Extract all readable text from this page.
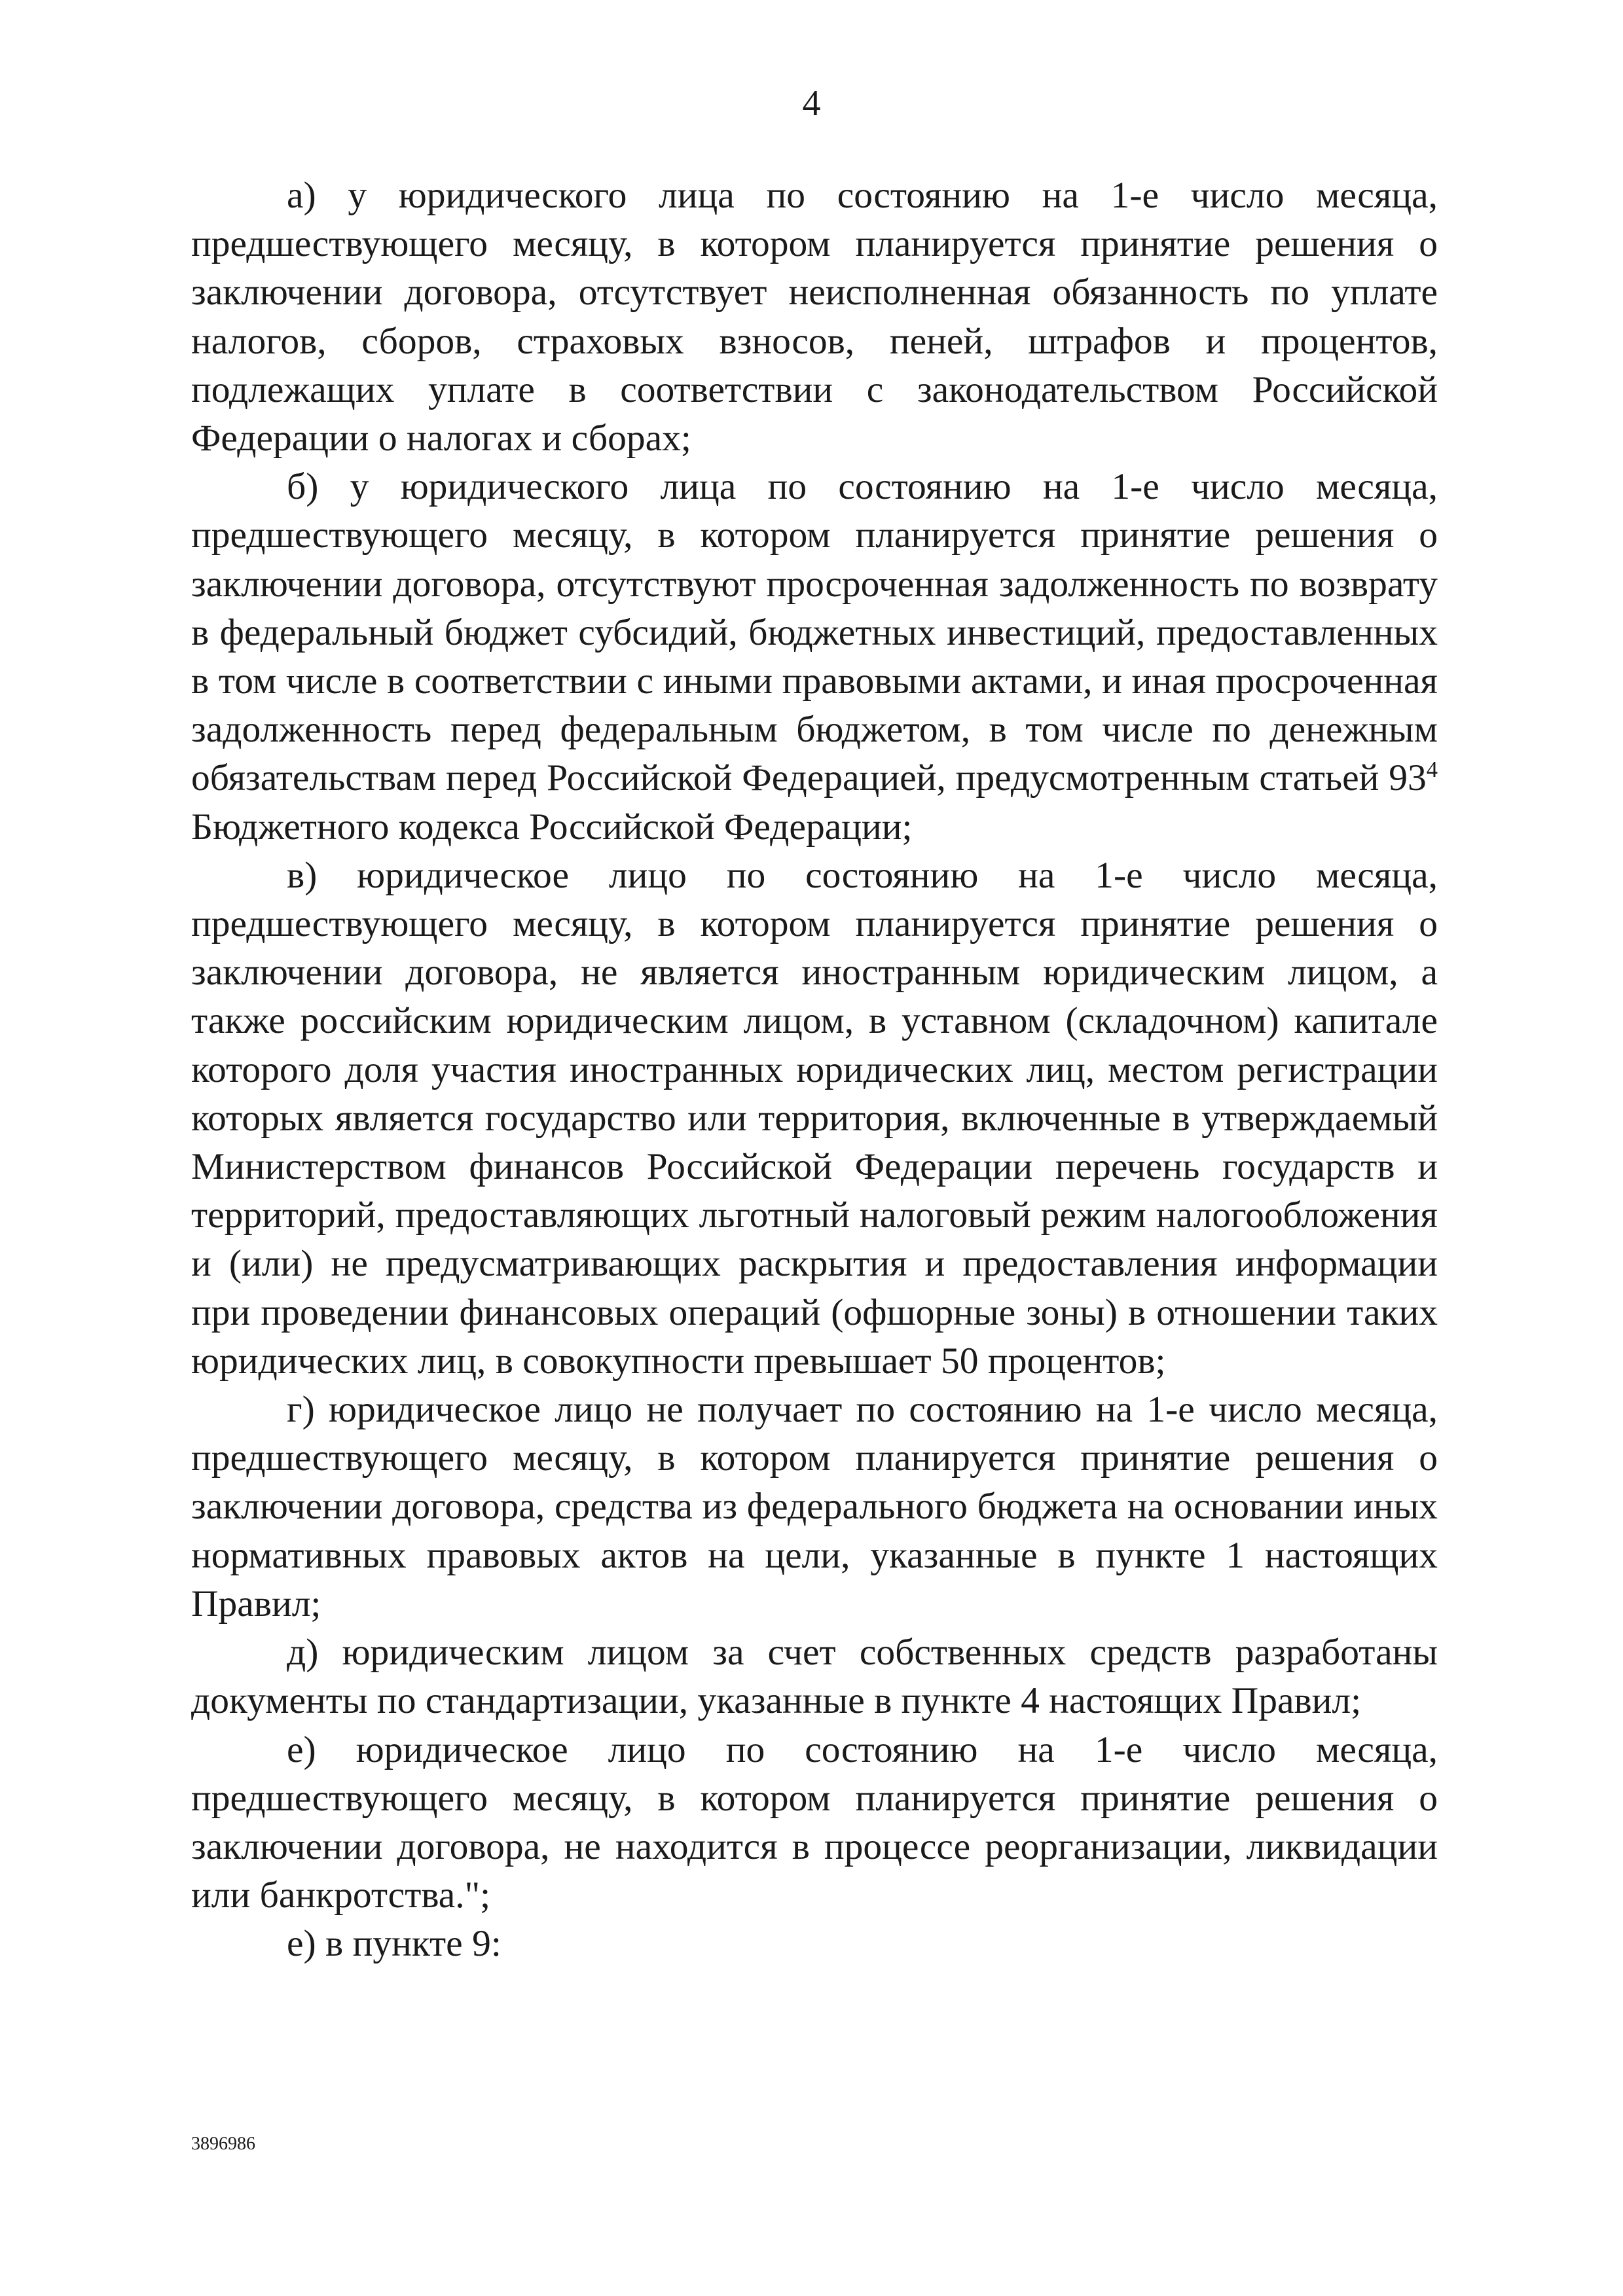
4

а) у юридического лица по состоянию на 1-е число месяца, предшествующего месяцу, в котором планируется принятие решения о заключении договора, отсутствует неисполненная обязанность по уплате налогов, сборов, страховых взносов, пеней, штрафов и процентов, подлежащих уплате в соответствии с законодательством Российской Федерации о налогах и сборах;

б) у юридического лица по состоянию на 1-е число месяца, предшествующего месяцу, в котором планируется принятие решения о заключении договора, отсутствуют просроченная задолженность по возврату в федеральный бюджет субсидий, бюджетных инвестиций, предоставленных в том числе в соответствии с иными правовыми актами, и иная просроченная задолженность перед федеральным бюджетом, в том числе по денежным обязательствам перед Российской Федерацией, предусмотренным статьей $93^4$ Бюджетного кодекса Российской Федерации;

в) юридическое лицо по состоянию на 1-е число месяца, предшествующего месяцу, в котором планируется принятие решения о заключении договора, не является иностранным юридическим лицом, а также российским юридическим лицом, в уставном (складочном) капитале которого доля участия иностранных юридических лиц, местом регистрации которых является государство или территория, включенные в утверждаемый Министерством финансов Российской Федерации перечень государств и территорий, предоставляющих льготный налоговый режим налогообложения и (или) не предусматривающих раскрытия и предоставления информации при проведении финансовых операций (офшорные зоны) в отношении таких юридических лиц, в совокупности превышает 50 процентов;

г) юридическое лицо не получает по состоянию на 1-е число месяца, предшествующего месяцу, в котором планируется принятие решения о заключении договора, средства из федерального бюджета на основании иных нормативных правовых актов на цели, указанные в пункте 1 настоящих Правил;

д) юридическим лицом за счет собственных средств разработаны документы по стандартизации, указанные в пункте 4 настоящих Правил;

е) юридическое лицо по состоянию на 1-е число месяца, предшествующего месяцу, в котором планируется принятие решения о заключении договора, не находится в процессе реорганизации, ликвидации или банкротства.";

е) в пункте 9:

3896986
